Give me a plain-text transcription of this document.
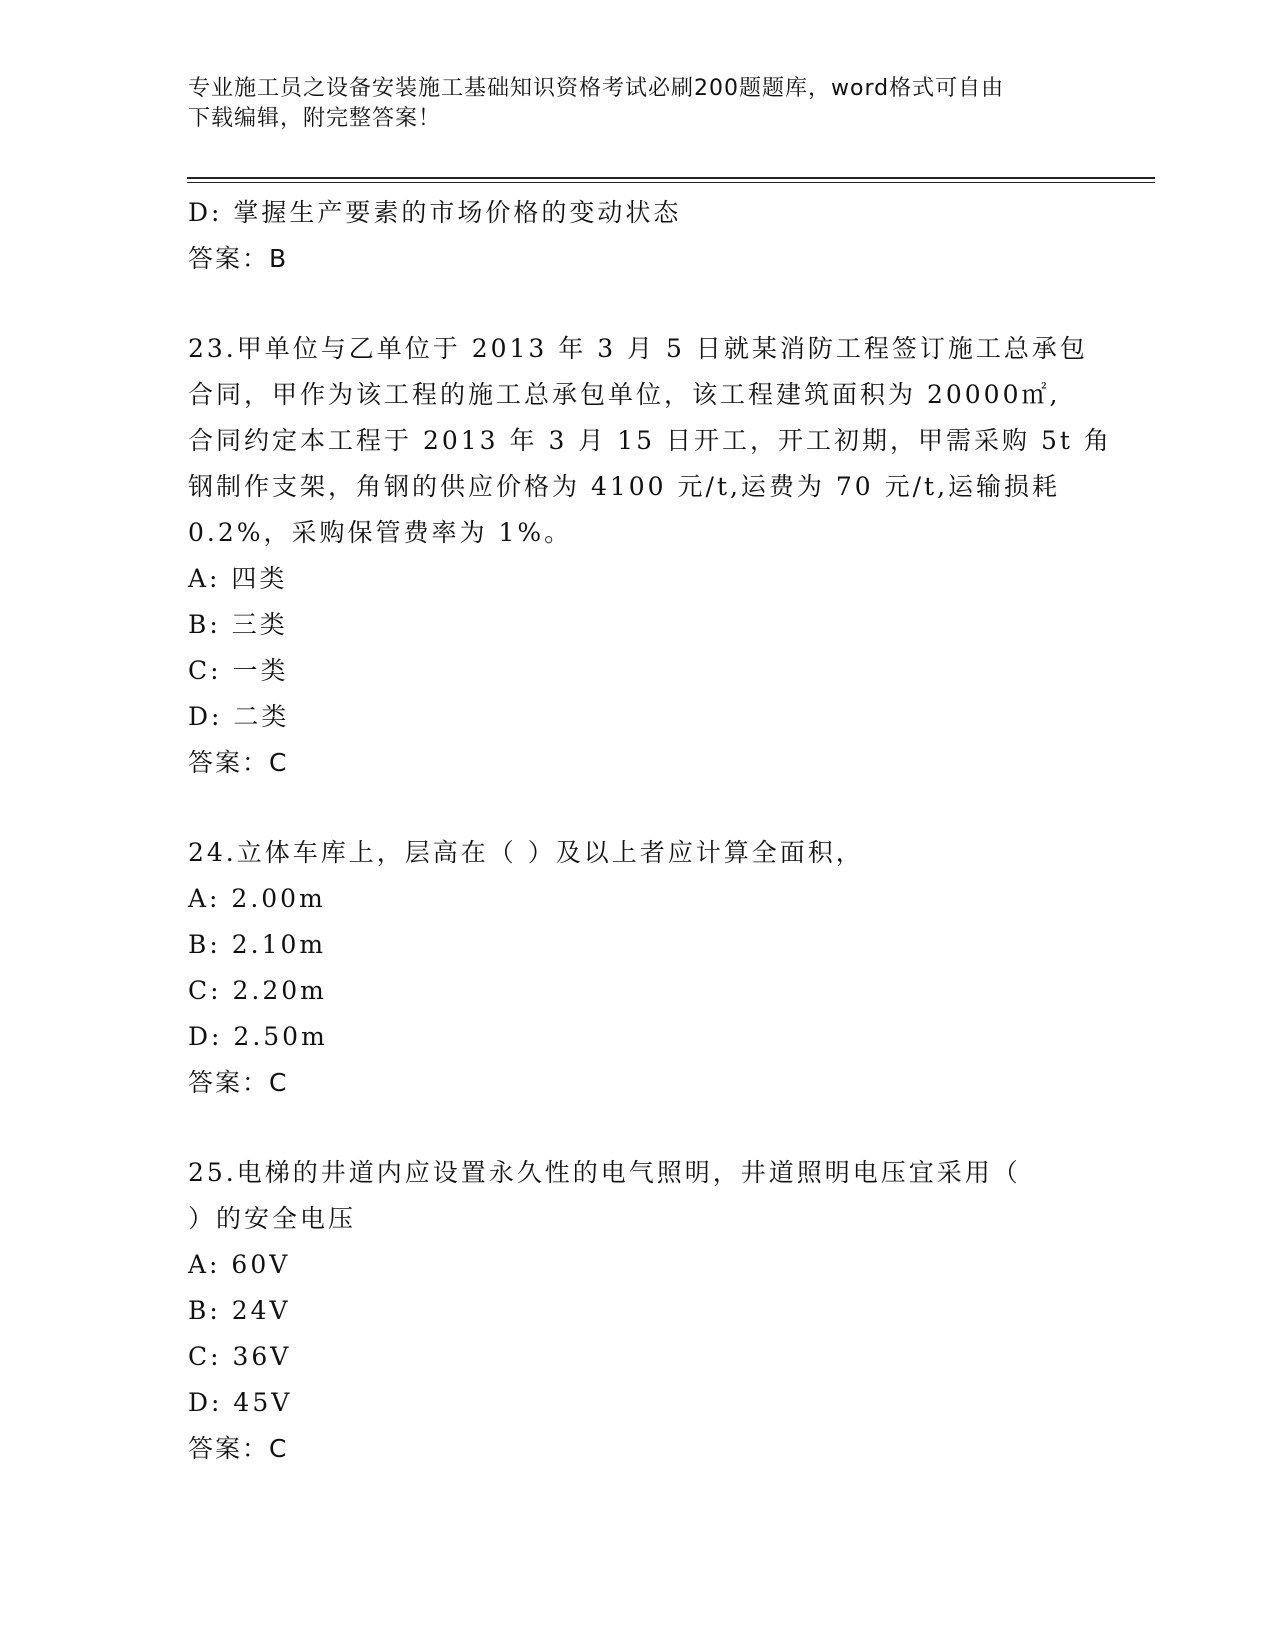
专业施工员之设备安装施工基础知识资格考试必刷200题题库，word格式可自由
下载编辑，附完整答案！
D: 掌握生产要素的市场价格的变动状态
答案：B
23.甲单位与乙单位于 2013 年 3 月 5 日就某消防工程签订施工总承包
合同，甲作为该工程的施工总承包单位，该工程建筑面积为 20000㎡,
合同约定本工程于 2013 年 3 月 15 日开工，开工初期，甲需采购 5t 角
钢制作支架，角钢的供应价格为 4100 元/t,运费为 70 元/t,运输损耗
0.2%，采购保管费率为 1%。
A: 四类
B: 三类
C: 一类
D: 二类
答案：C
24.立体车库上，层高在（ ）及以上者应计算全面积，
A: 2.00m
B: 2.10m
C: 2.20m
D: 2.50m
答案：C
25.电梯的井道内应设置永久性的电气照明，井道照明电压宜采用（
）的安全电压
A: 60V
B: 24V
C: 36V
D: 45V
答案：C
